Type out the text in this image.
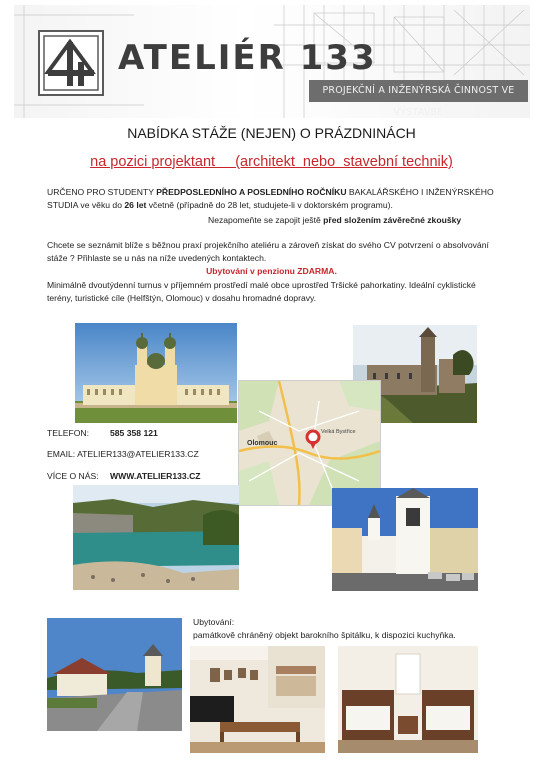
ATELIÉR 133
PROJEKČNÍ A INŽENÝRSKÁ ČINNOST VE VÝSTAVBĚ
NABÍDKA STÁŽE (NEJEN) O PRÁZDNINÁCH
na pozici projektant     (architekt  nebo  stavební technik)
URČENO PRO STUDENTY PŘEDPOSLEDNÍHO A POSLEDNÍHO ROČNÍKU BAKALÁŘSKÉHO I INŽENÝRSKÉHO STUDIA ve věku do 26 let včetně (případně do 28 let, studujete-li v doktorském programu).
Nezapomeňte se zapojit ještě před složením závěrečné zkoušky
Chcete se seznámit blíže s běžnou praxí projekčního ateliéru a zároveň získat do svého CV potvrzení o absolvování stáže ? Přihlaste se u nás na níže uvedených kontaktech.
Ubytování v penzionu ZDARMA.
Minimálně dvoutýdenní turnus v příjemném prostředí malé obce uprostřed Tršické pahorkatiny. Ideální cyklistické terény, turistické cíle (Helfštýn, Olomouc) v dosahu hromadné dopravy.
Olomouc
Velká Bystřice
TELEFON: 585 358 121
EMAIL: ATELIER133@ATELIER133.CZ
VÍCE O NÁS: WWW.ATELIER133.CZ
Ubytování:
památkově chráněný objekt barokního špitálku, k dispozici kuchyňka.
